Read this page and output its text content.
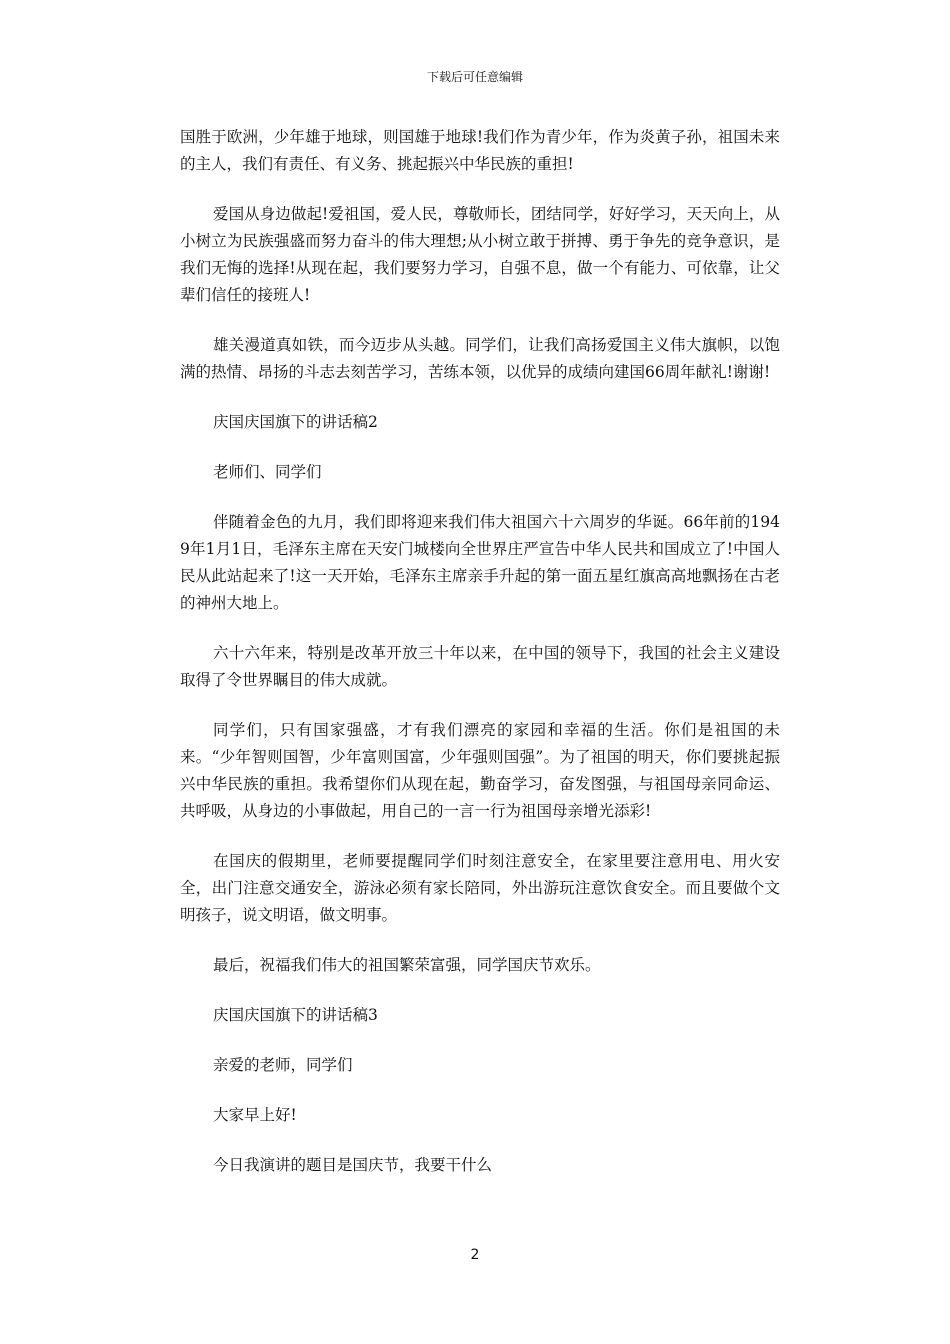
下载后可任意编辑

国胜于欧洲，少年雄于地球，则国雄于地球!我们作为青少年，作为炎黄子孙，祖国未来的主人，我们有责任、有义务、挑起振兴中华民族的重担!

爱国从身边做起!爱祖国，爱人民，尊敬师长，团结同学，好好学习，天天向上，从小树立为民族强盛而努力奋斗的伟大理想;从小树立敢于拼搏、勇于争先的竞争意识，是我们无悔的选择!从现在起，我们要努力学习，自强不息，做一个有能力、可依靠，让父辈们信任的接班人!

雄关漫道真如铁，而今迈步从头越。同学们，让我们高扬爱国主义伟大旗帜，以饱满的热情、昂扬的斗志去刻苦学习，苦练本领，以优异的成绩向建国66周年献礼!谢谢!

庆国庆国旗下的讲话稿2

老师们、同学们

伴随着金色的九月，我们即将迎来我们伟大祖国六十六周岁的华诞。66年前的1949年1月1日，毛泽东主席在天安门城楼向全世界庄严宣告中华人民共和国成立了!中国人民从此站起来了!这一天开始，毛泽东主席亲手升起的第一面五星红旗高高地飘扬在古老的神州大地上。

六十六年来，特别是改革开放三十年以来，在中国的领导下，我国的社会主义建设取得了令世界瞩目的伟大成就。

同学们，只有国家强盛，才有我们漂亮的家园和幸福的生活。你们是祖国的未来。“少年智则国智，少年富则国富，少年强则国强”。为了祖国的明天，你们要挑起振兴中华民族的重担。我希望你们从现在起，勤奋学习，奋发图强，与祖国母亲同命运、共呼吸，从身边的小事做起，用自己的一言一行为祖国母亲增光添彩!

在国庆的假期里，老师要提醒同学们时刻注意安全，在家里要注意用电、用火安全，出门注意交通安全，游泳必须有家长陪同，外出游玩注意饮食安全。而且要做个文明孩子，说文明语，做文明事。

最后，祝福我们伟大的祖国繁荣富强，同学国庆节欢乐。

庆国庆国旗下的讲话稿3

亲爱的老师，同学们

大家早上好!

今日我演讲的题目是国庆节，我要干什么

2
